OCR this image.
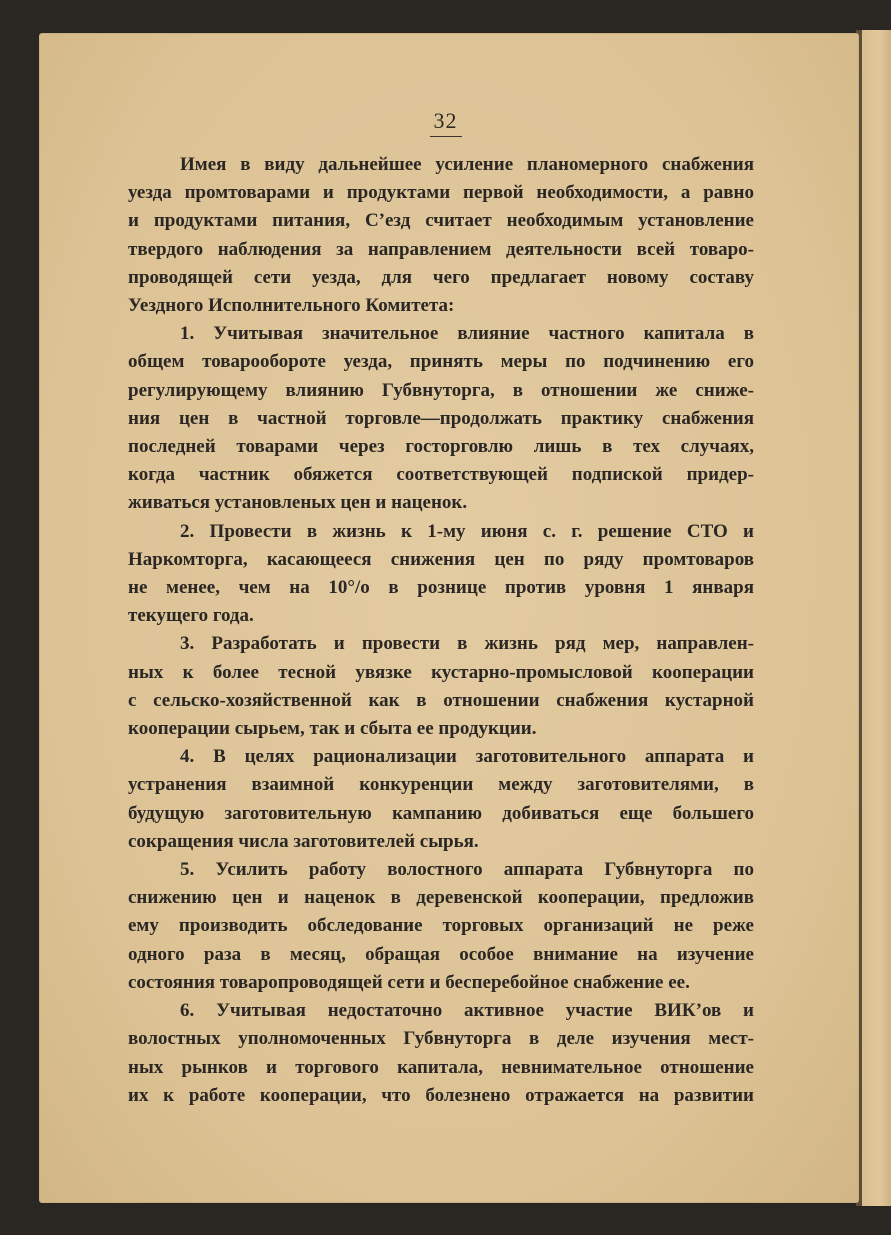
32
Имея в виду дальнейшее усиление планомерного снабжения
уезда промтоварами и продуктами первой необходимости, а равно
и продуктами питания, С’езд считает необходимым установление
твердого наблюдения за направлением деятельности всей товаро-
проводящей сети уезда, для чего предлагает новому составу
Уездного Исполнительного Комитета:
1. Учитывая значительное влияние частного капитала в
общем товарообороте уезда, принять меры по подчинению его
регулирующему влиянию Губвнуторга, в отношении же сниже-
ния цен в частной торговле—продолжать практику снабжения
последней товарами через госторговлю лишь в тех случаях,
когда частник обяжется соответствующей подпиской придер-
живаться установленых цен и наценок.
2. Провести в жизнь к 1-му июня с. г. решение СТО и
Наркомторга, касающееся снижения цен по ряду промтоваров
не менее, чем на 10°/о в рознице против уровня 1 января
текущего года.
3. Разработать и провести в жизнь ряд мер, направлен-
ных к более тесной увязке кустарно-промысловой кооперации
с сельско-хозяйственной как в отношении снабжения кустарной
кооперации сырьем, так и сбыта ее продукции.
4. В целях рационализации заготовительного аппарата и
устранения взаимной конкуренции между заготовителями, в
будущую заготовительную кампанию добиваться еще большего
сокращения числа заготовителей сырья.
5. Усилить работу волостного аппарата Губвнуторга по
снижению цен и наценок в деревенской кооперации, предложив
ему производить обследование торговых организаций не реже
одного раза в месяц, обращая особое внимание на изучение
состояния товаропроводящей сети и бесперебойное снабжение ее.
6. Учитывая недостаточно активное участие ВИК’ов и
волостных уполномоченных Губвнуторга в деле изучения мест-
ных рынков и торгового капитала, невнимательное отношение
их к работе кооперации, что болезнено отражается на развитии
